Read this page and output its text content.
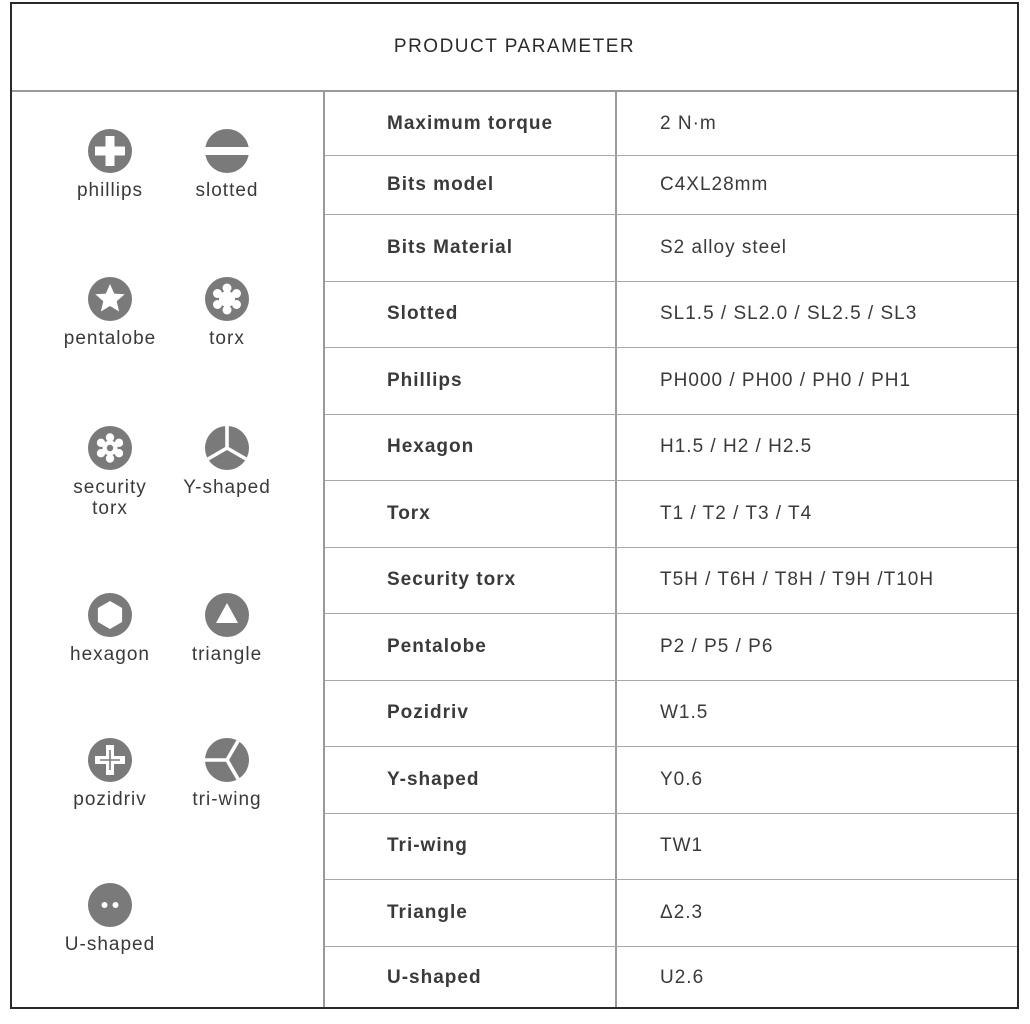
PRODUCT PARAMETER
phillips	slotted
pentalobe	torx
security torx
Y-shaped
hexagon	triangle
pozidriv	tri-wing
U-shaped
Maximum torque	2 N·m
Bits model	C4XL28mm
Bits Material	S2 alloy steel
Slotted	SL1.5 / SL2.0 / SL2.5 / SL3
Phillips	PH000 / PH00 / PH0 / PH1
Hexagon	H1.5 / H2 / H2.5
Torx	T1 / T2 / T3 / T4
Security torx	T5H / T6H / T8H / T9H /T10H
Pentalobe	P2 / P5 / P6
Pozidriv	W1.5
Y-shaped	Y0.6
Tri-wing	TW1
Triangle	Δ2.3
U-shaped	U2.6
